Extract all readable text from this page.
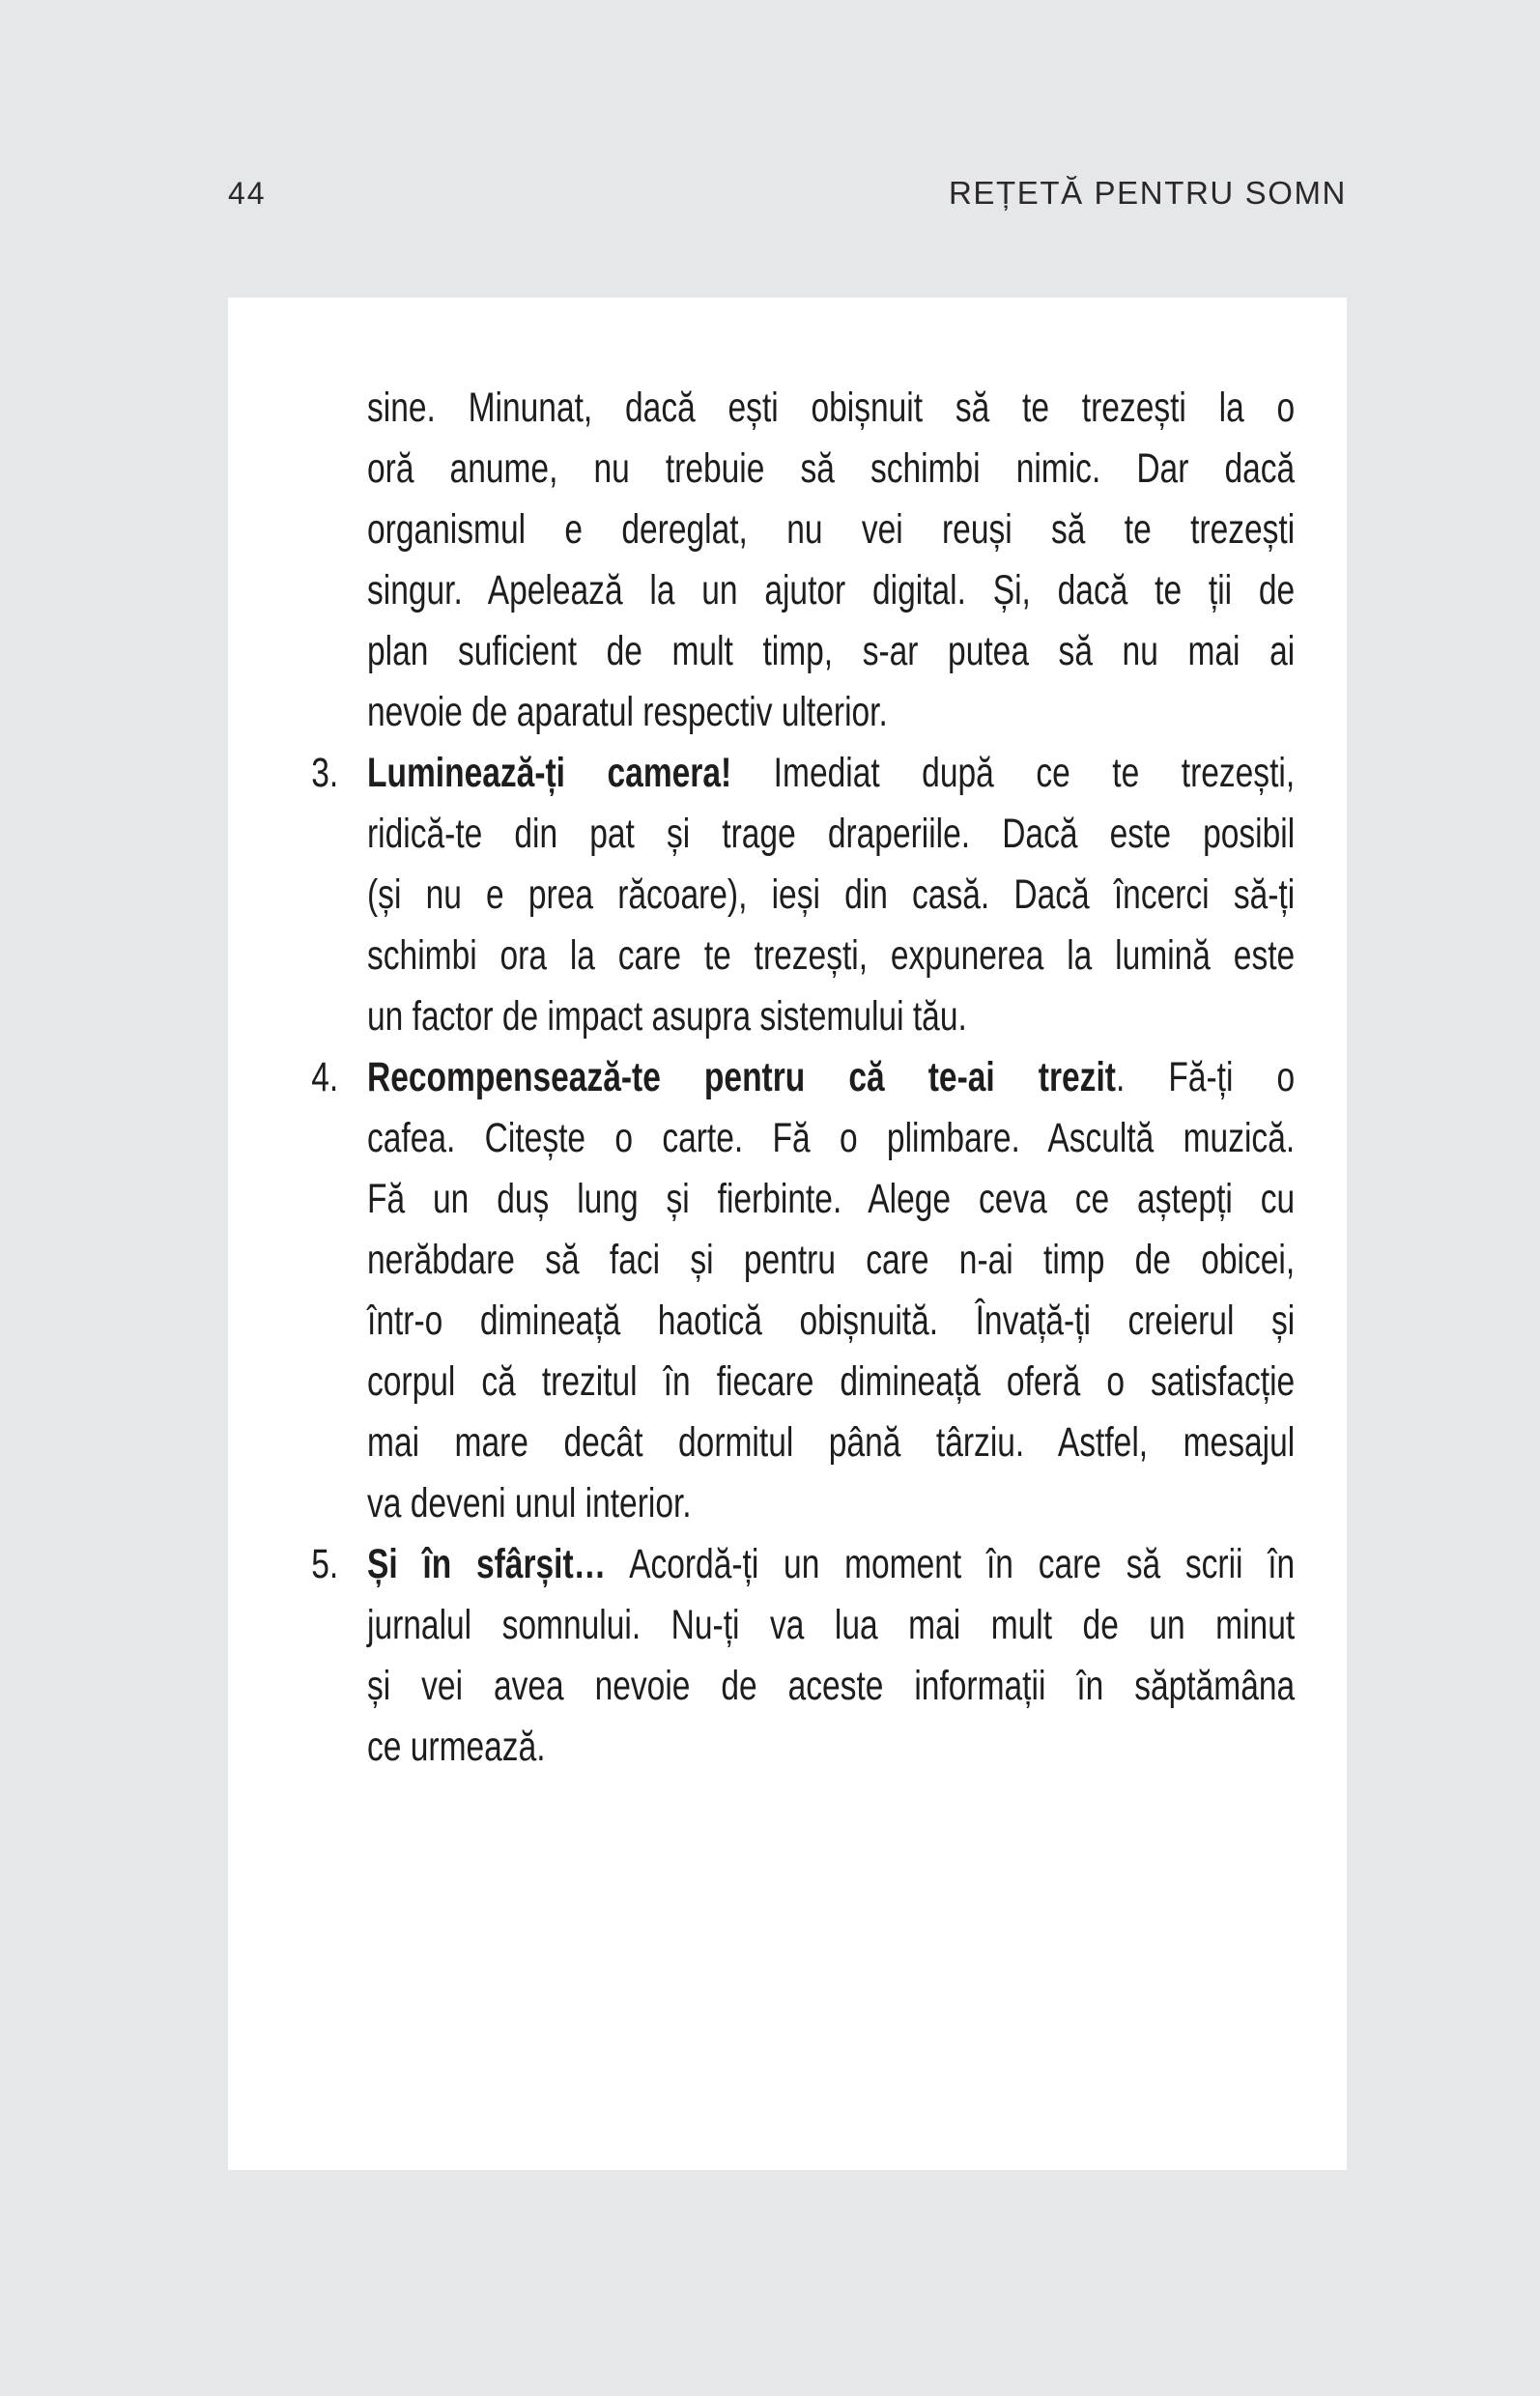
44	REȚETĂ PENTRU SOMN
sine. Minunat, dacă ești obișnuit să te trezești la o
oră anume, nu trebuie să schimbi nimic. Dar dacă
organismul e dereglat, nu vei reuși să te trezești
singur. Apelează la un ajutor digital. Și, dacă te ții de
plan suficient de mult timp, s-ar putea să nu mai ai
nevoie de aparatul respectiv ulterior.
3. Luminează-ți camera! Imediat după ce te trezești,
ridică-te din pat și trage draperiile. Dacă este posibil
(și nu e prea răcoare), ieși din casă. Dacă încerci să-ți
schimbi ora la care te trezești, expunerea la lumină este
un factor de impact asupra sistemului tău.
4. Recompensează-te pentru că te-ai trezit. Fă-ți o
cafea. Citește o carte. Fă o plimbare. Ascultă muzică.
Fă un duș lung și fierbinte. Alege ceva ce aștepți cu
nerăbdare să faci și pentru care n-ai timp de obicei,
într-o dimineață haotică obișnuită. Învață-ți creierul și
corpul că trezitul în fiecare dimineață oferă o satisfacție
mai mare decât dormitul până târziu. Astfel, mesajul
va deveni unul interior.
5. Și în sfârșit… Acordă-ți un moment în care să scrii în
jurnalul somnului. Nu-ți va lua mai mult de un minut
și vei avea nevoie de aceste informații în săptămâna
ce urmează.
